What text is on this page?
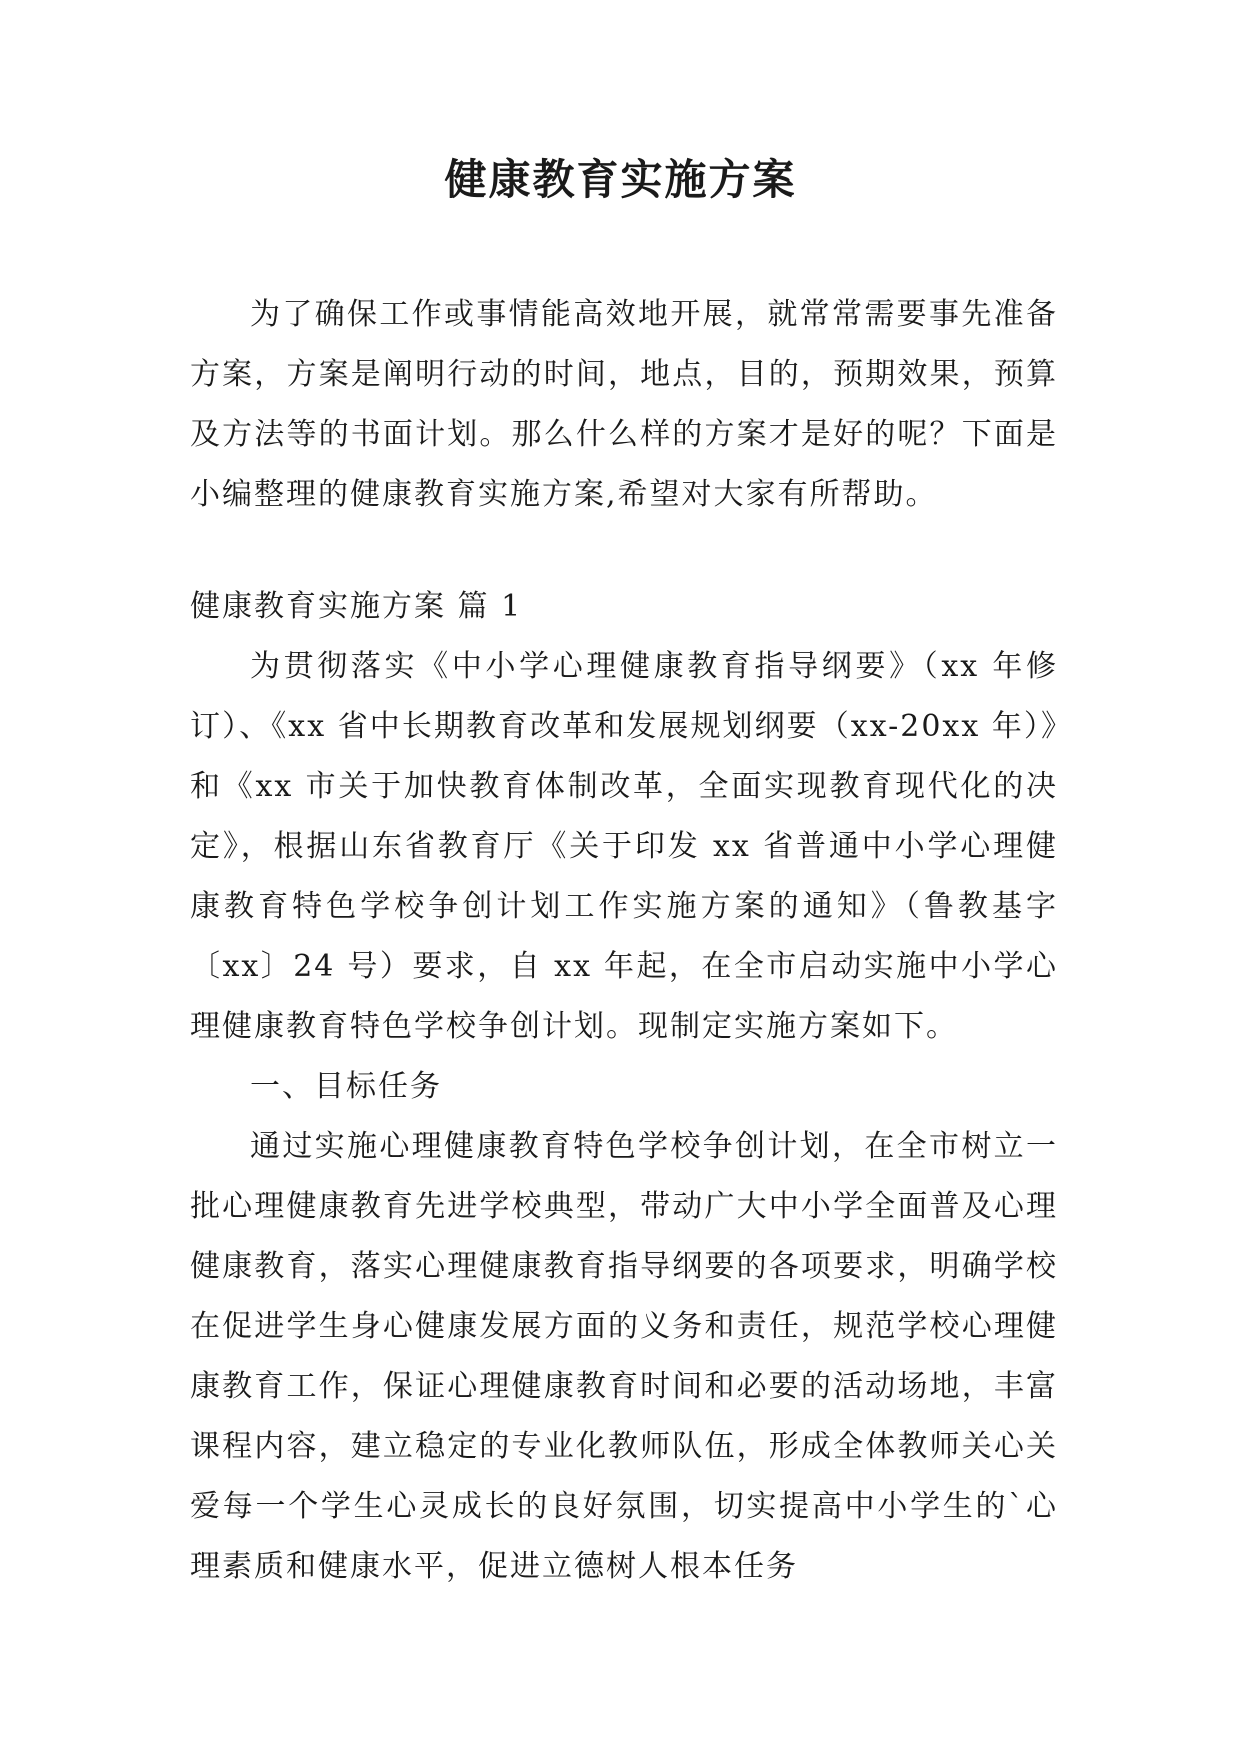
健康教育实施方案

为了确保工作或事情能高效地开展，就常常需要事先准备方案，方案是阐明行动的时间，地点，目的，预期效果，预算及方法等的书面计划。那么什么样的方案才是好的呢？下面是小编整理的健康教育实施方案,希望对大家有所帮助。

健康教育实施方案 篇 1

为贯彻落实《中小学心理健康教育指导纲要》（xx 年修订）、《xx 省中长期教育改革和发展规划纲要（xx-20xx 年）》和《xx 市关于加快教育体制改革，全面实现教育现代化的决定》，根据山东省教育厅《关于印发 xx 省普通中小学心理健康教育特色学校争创计划工作实施方案的通知》（鲁教基字〔xx〕24 号）要求，自 xx 年起，在全市启动实施中小学心理健康教育特色学校争创计划。现制定实施方案如下。

一、目标任务

通过实施心理健康教育特色学校争创计划，在全市树立一批心理健康教育先进学校典型，带动广大中小学全面普及心理健康教育，落实心理健康教育指导纲要的各项要求，明确学校在促进学生身心健康发展方面的义务和责任，规范学校心理健康教育工作，保证心理健康教育时间和必要的活动场地，丰富课程内容，建立稳定的专业化教师队伍，形成全体教师关心关爱每一个学生心灵成长的良好氛围，切实提高中小学生的`心理素质和健康水平，促进立德树人根本任务
